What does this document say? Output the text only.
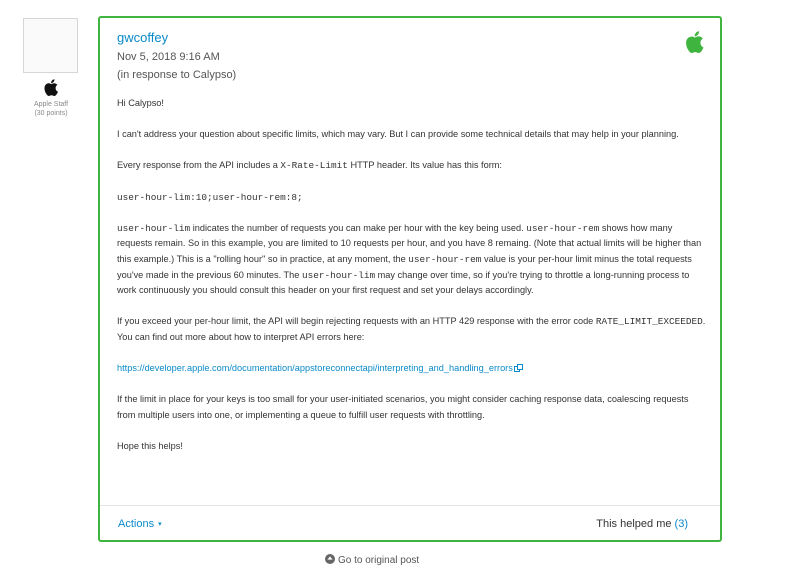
Apple Staff
(30 points)
gwcoffey
Nov 5, 2018 9:16 AM
(in response to Calypso)

Hi Calypso!

I can't address your question about specific limits, which may vary. But I can provide some technical details that may help in your planning.

Every response from the API includes a X-Rate-Limit HTTP header. Its value has this form:

user-hour-lim:10;user-hour-rem:8;

user-hour-lim indicates the number of requests you can make per hour with the key being used. user-hour-rem shows how many requests remain. So in this example, you are limited to 10 requests per hour, and you have 8 remaing. (Note that actual limits will be higher than this example.) This is a "rolling hour" so in practice, at any moment, the user-hour-rem value is your per-hour limit minus the total requests you've made in the previous 60 minutes. The user-hour-lim may change over time, so if you're trying to throttle a long-running process to work continuously you should consult this header on your first request and set your delays accordingly.

If you exceed your per-hour limit, the API will begin rejecting requests with an HTTP 429 response with the error code RATE_LIMIT_EXCEEDED. You can find out more about how to interpret API errors here:

https://developer.apple.com/documentation/appstoreconnectapi/interpreting_and_handling_errors

If the limit in place for your keys is too small for your user-initiated scenarios, you might consider caching response data, coalescing requests from multiple users into one, or implementing a queue to fulfill user requests with throttling.

Hope this helps!

Actions ▾	This helped me (3)
Go to original post
